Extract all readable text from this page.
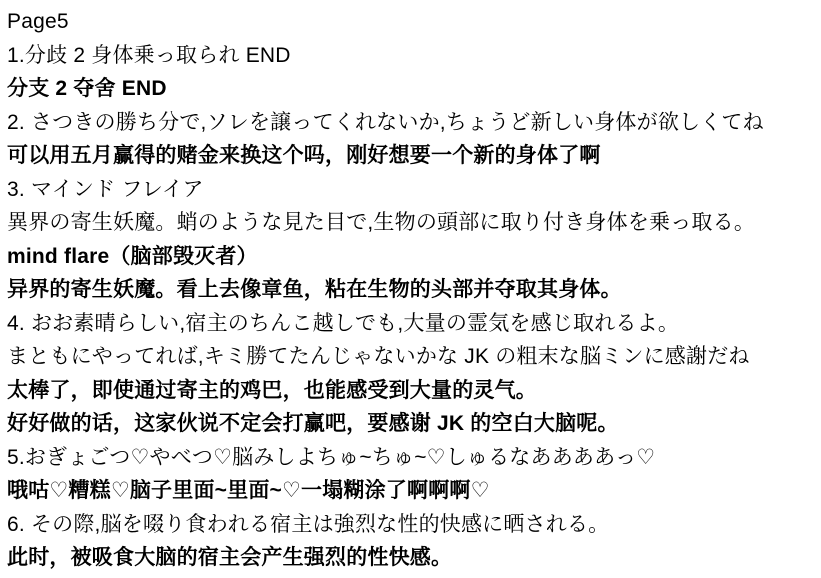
Page5

1.分歧 2 身体乗っ取られ END

分支 2 夺舍 END

2. さつきの勝ち分で,ソレを譲ってくれないか,ちょうど新しい身体が欲しくてね

可以用五月赢得的赌金来换这个吗，刚好想要一个新的身体了啊

3. マインド フレイア

異界の寄生妖魔。蛸のような見た目で,生物の頭部に取り付き身体を乗っ取る。

mind flare（脑部毁灭者）

异界的寄生妖魔。看上去像章鱼，粘在生物的头部并夺取其身体。

4. おお素晴らしい,宿主のちんこ越しでも,大量の霊気を感じ取れるよ。

まともにやってれば,キミ勝てたんじゃないかな JK の粗末な脳ミンに感謝だね

太棒了，即使通过寄主的鸡巴，也能感受到大量的灵气。

好好做的话，这家伙说不定会打赢吧，要感谢 JK 的空白大脑呢。

5.おぎょごつ♡やべつ♡脳みしよちゅ~ちゅ~♡しゅるなああああっ♡

哦咕♡糟糕♡脑子里面~里面~♡一塌糊涂了啊啊啊♡

6. その際,脳を啜り食われる宿主は強烈な性的快感に晒される。

此时，被吸食大脑的宿主会产生强烈的性快感。
